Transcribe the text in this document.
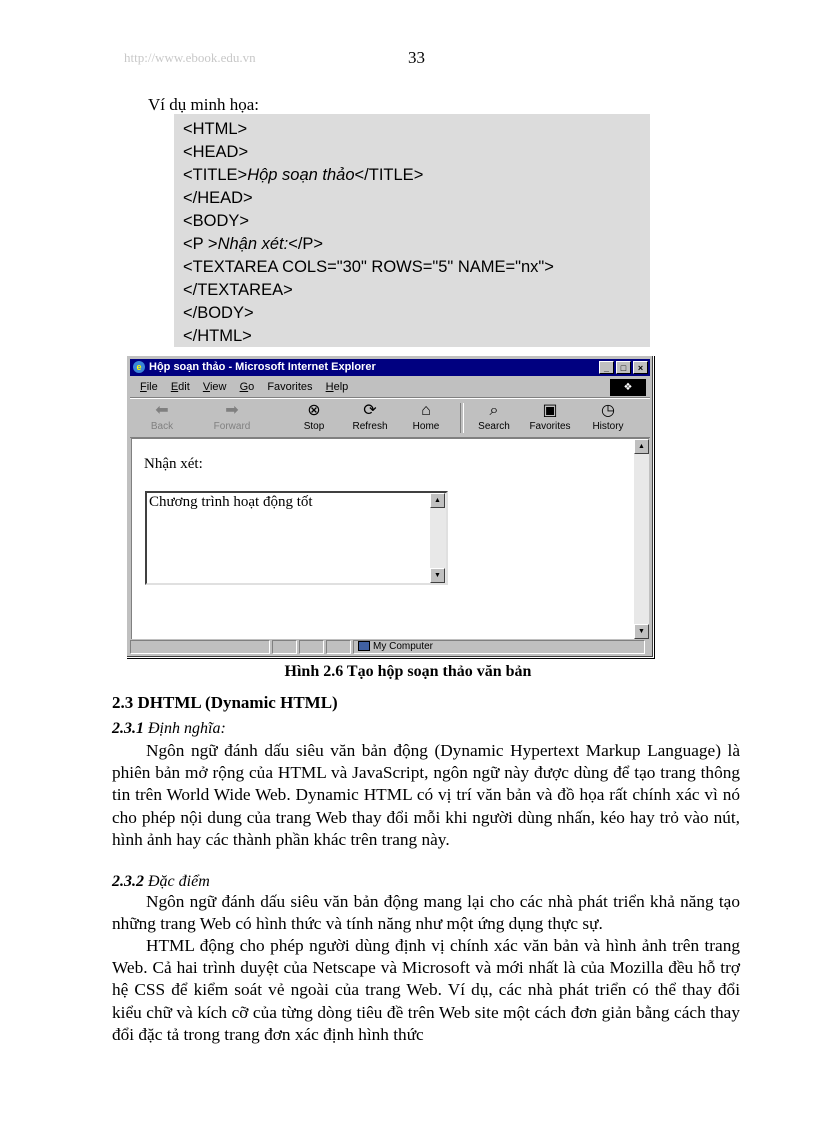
http://www.ebook.edu.vn	33
Ví dụ minh họa:
<HTML>
<HEAD>
<TITLE>Hộp soạn thảo</TITLE>
</HEAD>
<BODY>
<P >Nhận xét:</P>
<TEXTAREA COLS="30" ROWS="5" NAME="nx">
</TEXTAREA>
</BODY>
</HTML>
e Hộp soạn thảo - Microsoft Internet Explorer	_	□	×
File Edit View Go Favorites Help	❖
⬅
Back
➡
Forward
⊗
Stop
⟳
Refresh
⌂
Home
⌕
Search
▣
Favorites
◷
History
Nhận xét:
Chương trình hoạt động tốt	▲
▼
▲
▼
My Computer
Hình 2.6 Tạo hộp soạn thảo văn bản
2.3 DHTML (Dynamic HTML)
2.3.1 Định nghĩa:
Ngôn ngữ đánh dấu siêu văn bản động (Dynamic Hypertext Markup Language) là phiên bản mở rộng của HTML và JavaScript, ngôn ngữ này được dùng để tạo trang thông tin trên World Wide Web. Dynamic HTML có vị trí văn bản và đồ họa rất chính xác vì nó cho phép nội dung của trang Web thay đổi mỗi khi người dùng nhấn, kéo hay trỏ vào nút, hình ảnh hay các thành phần khác trên trang này.
2.3.2 Đặc điểm
Ngôn ngữ đánh dấu siêu văn bản động mang lại cho các nhà phát triển khả năng tạo những trang Web có hình thức và tính năng như một ứng dụng thực sự.
HTML động cho phép người dùng định vị chính xác văn bản và hình ảnh trên trang Web. Cả hai trình duyệt của Netscape và Microsoft và mới nhất là của Mozilla đều hỗ trợ hệ CSS để kiểm soát vẻ ngoài của trang Web. Ví dụ, các nhà phát triển có thể thay đổi kiểu chữ và kích cỡ của từng dòng tiêu đề trên Web site một cách đơn giản bằng cách thay đổi đặc tả trong trang đơn xác định hình thức
